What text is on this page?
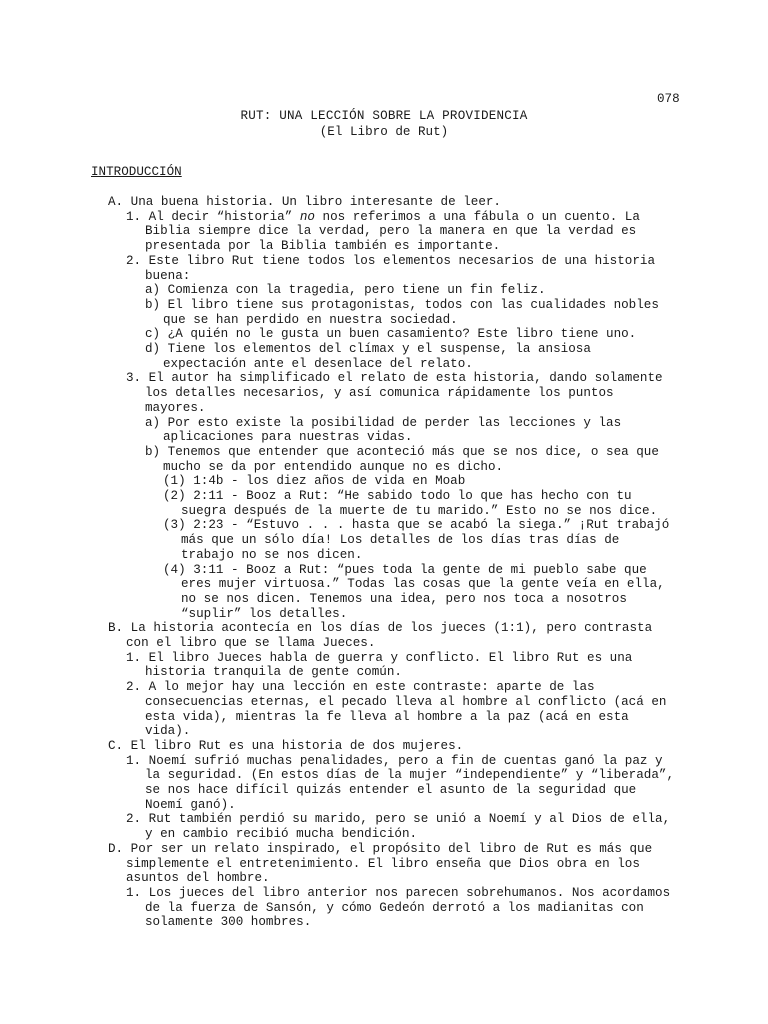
078
RUT: UNA LECCIÓN SOBRE LA PROVIDENCIA
(El Libro de Rut)
INTRODUCCIÓN
A. Una buena historia. Un libro interesante de leer.
1. Al decir “historia” no nos referimos a una fábula o un cuento. La
Biblia siempre dice la verdad, pero la manera en que la verdad es
presentada por la Biblia también es importante.
2. Este libro Rut tiene todos los elementos necesarios de una historia
buena:
a) Comienza con la tragedia, pero tiene un fin feliz.
b) El libro tiene sus protagonistas, todos con las cualidades nobles
que se han perdido en nuestra sociedad.
c) ¿A quién no le gusta un buen casamiento? Este libro tiene uno.
d) Tiene los elementos del clímax y el suspense, la ansiosa
expectación ante el desenlace del relato.
3. El autor ha simplificado el relato de esta historia, dando solamente
los detalles necesarios, y así comunica rápidamente los puntos
mayores.
a) Por esto existe la posibilidad de perder las lecciones y las
aplicaciones para nuestras vidas.
b) Tenemos que entender que aconteció más que se nos dice, o sea que
mucho se da por entendido aunque no es dicho.
(1) 1:4b - los diez años de vida en Moab
(2) 2:11 - Booz a Rut: “He sabido todo lo que has hecho con tu
suegra después de la muerte de tu marido.” Esto no se nos dice.
(3) 2:23 - “Estuvo . . . hasta que se acabó la siega.” ¡Rut trabajó
más que un sólo día! Los detalles de los días tras días de
trabajo no se nos dicen.
(4) 3:11 - Booz a Rut: “pues toda la gente de mi pueblo sabe que
eres mujer virtuosa.” Todas las cosas que la gente veía en ella,
no se nos dicen. Tenemos una idea, pero nos toca a nosotros
“suplir” los detalles.
B. La historia acontecía en los días de los jueces (1:1), pero contrasta
con el libro que se llama Jueces.
1. El libro Jueces habla de guerra y conflicto. El libro Rut es una
historia tranquila de gente común.
2. A lo mejor hay una lección en este contraste: aparte de las
consecuencias eternas, el pecado lleva al hombre al conflicto (acá en
esta vida), mientras la fe lleva al hombre a la paz (acá en esta
vida).
C. El libro Rut es una historia de dos mujeres.
1. Noemí sufrió muchas penalidades, pero a fin de cuentas ganó la paz y
la seguridad. (En estos días de la mujer “independiente” y “liberada”,
se nos hace difícil quizás entender el asunto de la seguridad que
Noemí ganó).
2. Rut también perdió su marido, pero se unió a Noemí y al Dios de ella,
y en cambio recibió mucha bendición.
D. Por ser un relato inspirado, el propósito del libro de Rut es más que
simplemente el entretenimiento. El libro enseña que Dios obra en los
asuntos del hombre.
1. Los jueces del libro anterior nos parecen sobrehumanos. Nos acordamos
de la fuerza de Sansón, y cómo Gedeón derrotó a los madianitas con
solamente 300 hombres.
